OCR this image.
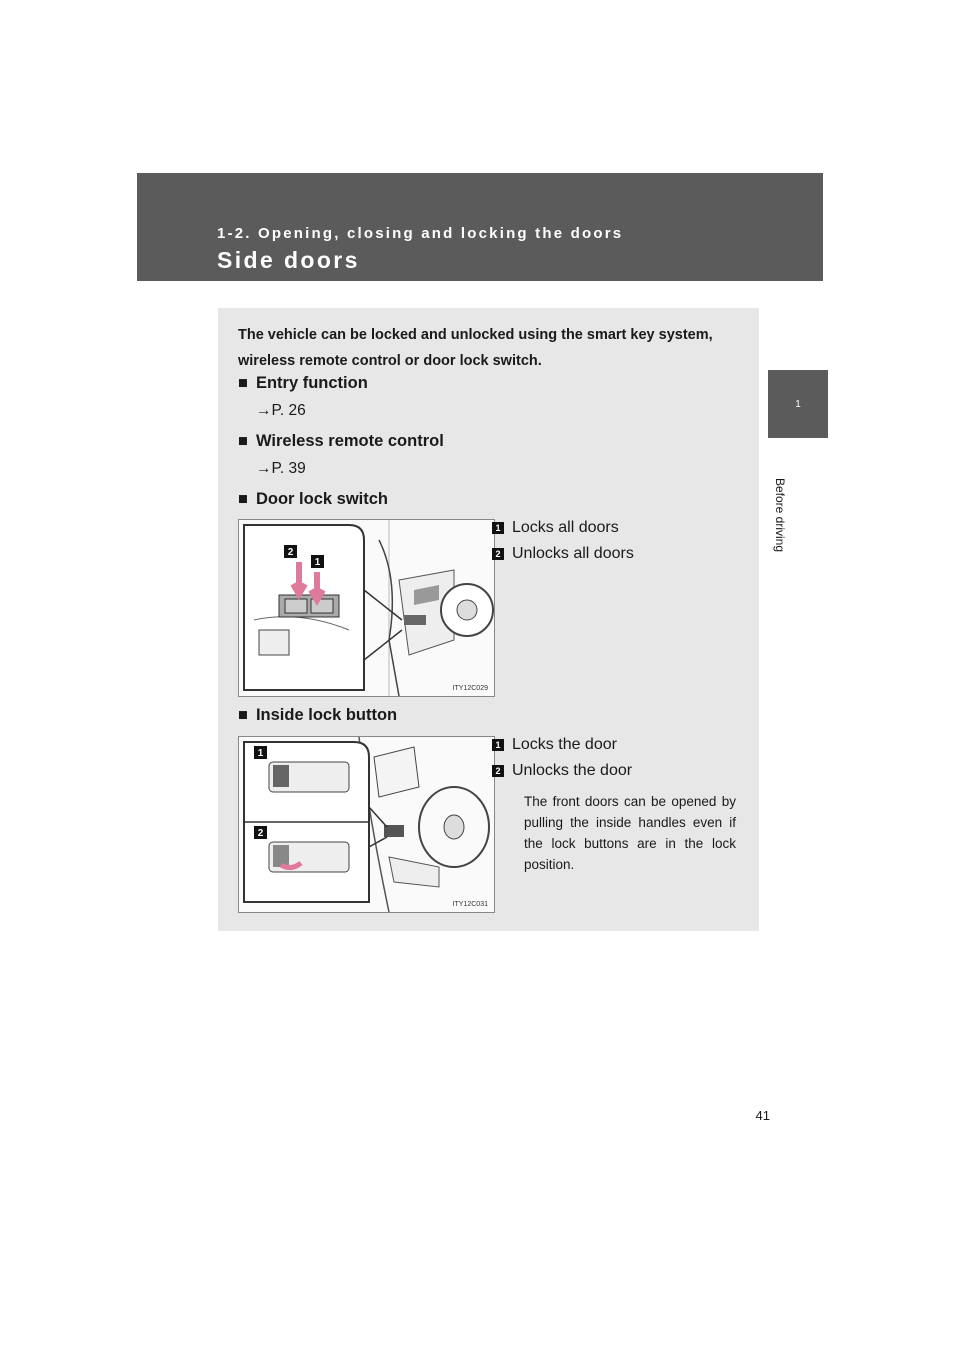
1-2. Opening, closing and locking the doors
Side doors
1
Before driving
The vehicle can be locked and unlocked using the smart key system, wireless remote control or door lock switch.
■ Entry function
→P. 26
■ Wireless remote control
→P. 39
■ Door lock switch
2
1
ITY12C029
1 Locks all doors
2 Unlocks all doors
■ Inside lock button
1
2
ITY12C031
1 Locks the door
2 Unlocks the door
The front doors can be opened by pulling the inside handles even if the lock buttons are in the lock position.
41
